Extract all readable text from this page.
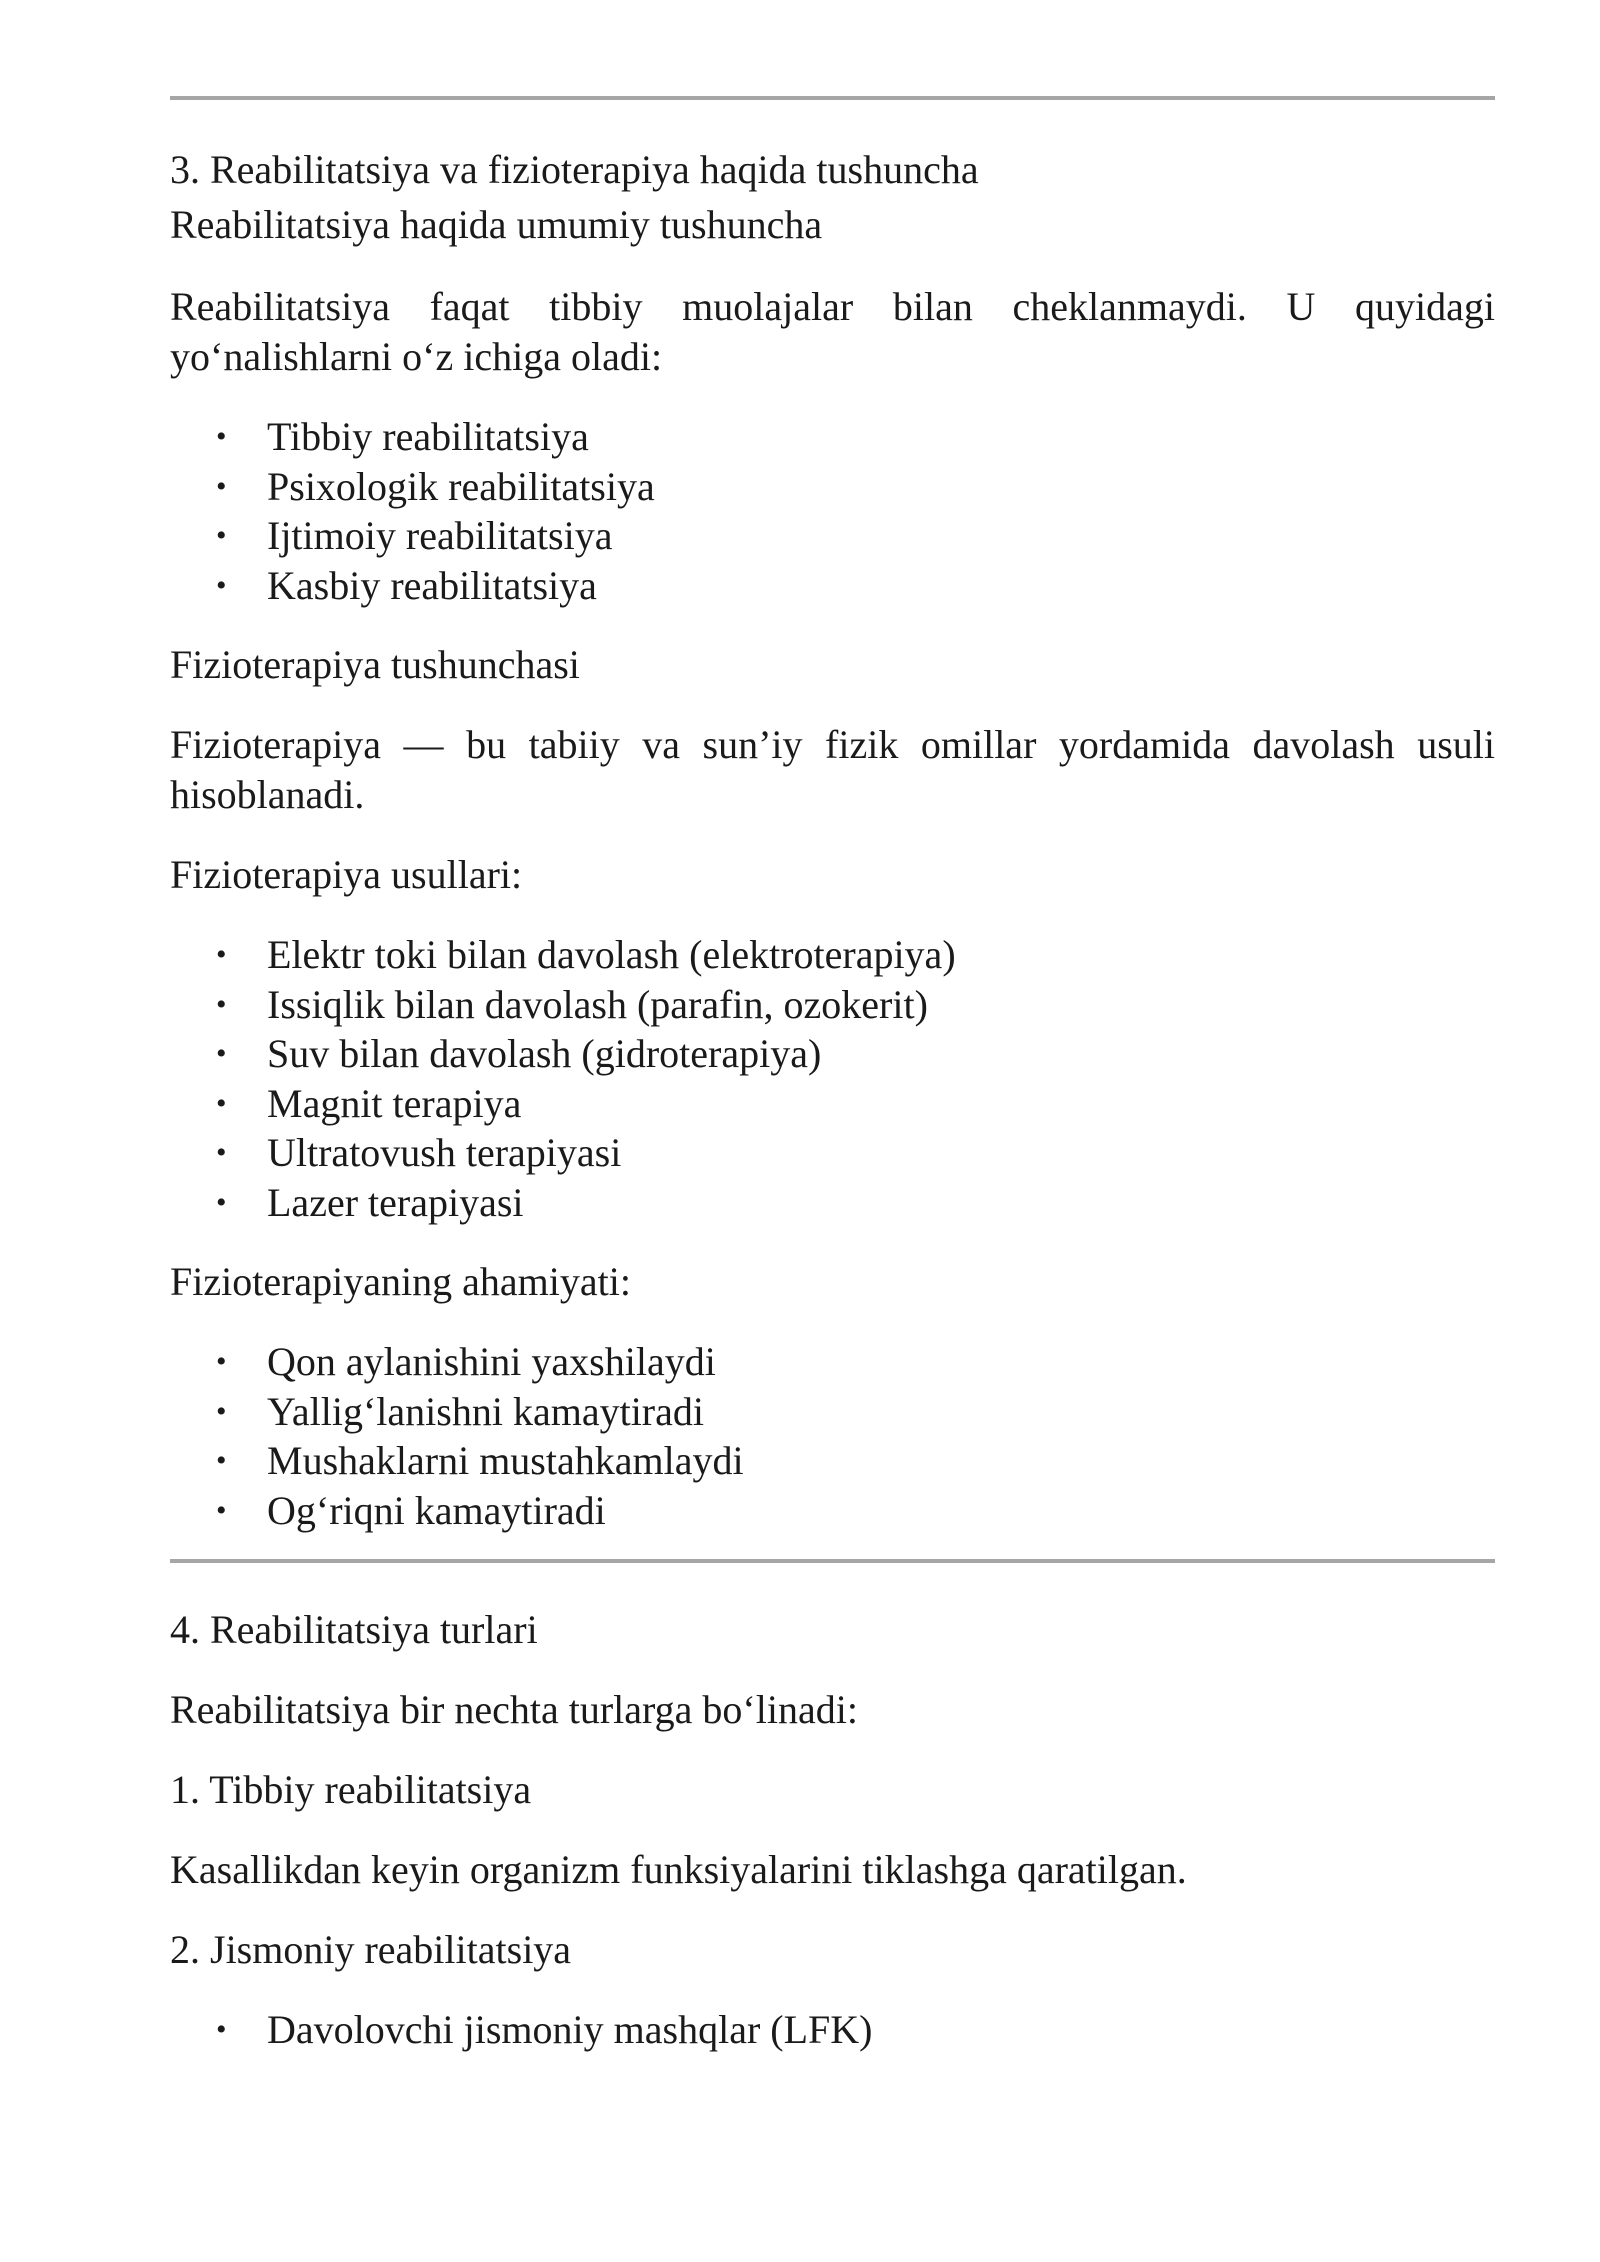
3. Reabilitatsiya va fizioterapiya haqida tushuncha

Reabilitatsiya haqida umumiy tushuncha

Reabilitatsiya faqat tibbiy muolajalar bilan cheklanmaydi. U quyidagi yo‘nalishlarni o‘z ichiga oladi:

• Tibbiy reabilitatsiya
• Psixologik reabilitatsiya
• Ijtimoiy reabilitatsiya
• Kasbiy reabilitatsiya

Fizioterapiya tushunchasi

Fizioterapiya — bu tabiiy va sun’iy fizik omillar yordamida davolash usuli hisoblanadi.

Fizioterapiya usullari:

• Elektr toki bilan davolash (elektroterapiya)
• Issiqlik bilan davolash (parafin, ozokerit)
• Suv bilan davolash (gidroterapiya)
• Magnit terapiya
• Ultratovush terapiyasi
• Lazer terapiyasi

Fizioterapiyaning ahamiyati:

• Qon aylanishini yaxshilaydi
• Yallig‘lanishni kamaytiradi
• Mushaklarni mustahkamlaydi
• Og‘riqni kamaytiradi

4. Reabilitatsiya turlari

Reabilitatsiya bir nechta turlarga bo‘linadi:

1. Tibbiy reabilitatsiya

Kasallikdan keyin organizm funksiyalarini tiklashga qaratilgan.

2. Jismoniy reabilitatsiya

• Davolovchi jismoniy mashqlar (LFK)
